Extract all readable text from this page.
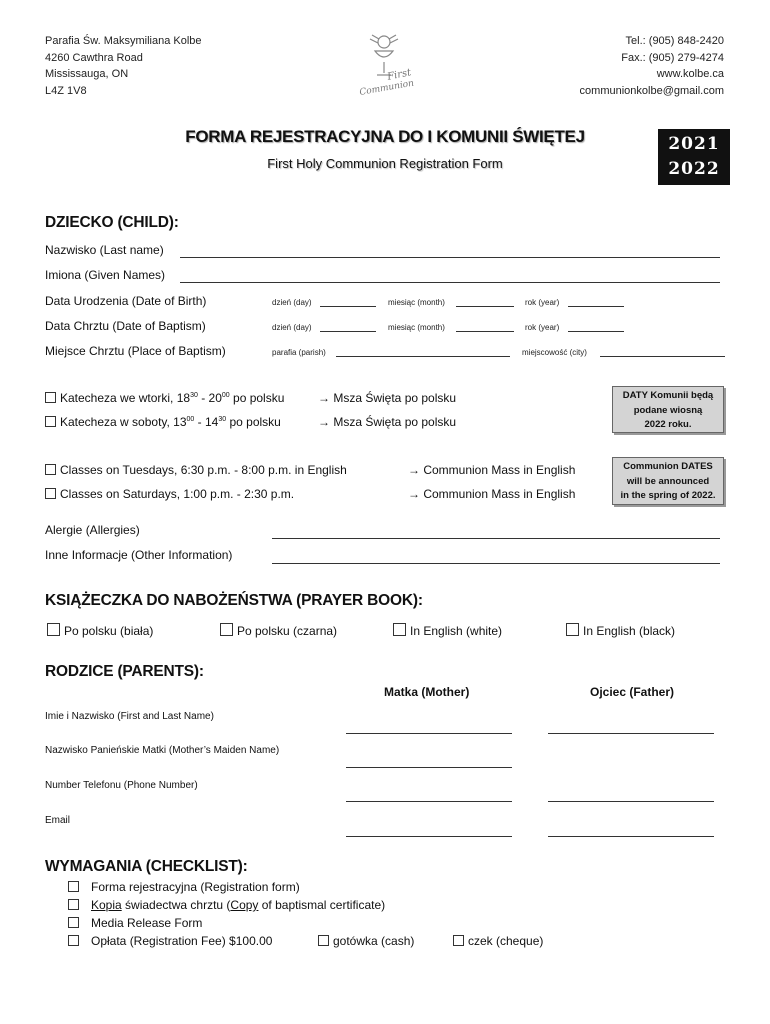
Parafia Św. Maksymiliana Kolbe
4260 Cawthra Road
Mississauga, ON
L4Z 1V8
First
Communion
Tel.: (905) 848-2420
Fax.: (905) 279-4274
www.kolbe.ca
communionkolbe@gmail.com
FORMA REJESTRACYJNA DO I KOMUNII ŚWIĘTEJ
First Holy Communion Registration Form
2021
2022
DZIECKO (CHILD):
Nazwisko (Last name)
Imiona (Given Names)
Data Urodzenia (Date of Birth)	dzień (day)	miesiąc (month)	rok (year)
Data Chrztu (Date of Baptism)	dzień (day)	miesiąc (month)	rok (year)
Miejsce Chrztu (Place of Baptism)	parafia (parish)	miejscowość (city)
Katecheza we wtorki, $18^{30} - 20^{00}$ po polsku	→ Msza Święta po polsku
Katecheza w soboty, $13^{00} - 14^{30}$ po polsku	→ Msza Święta po polsku
DATY Komunii będą
podane wiosną
2022 roku.
Classes on Tuesdays, 6:30 p.m. - 8:00 p.m. in English	→ Communion Mass in English
Classes on Saturdays, 1:00 p.m. - 2:30 p.m.	→ Communion Mass in English
Communion DATES
will be announced
in the spring of 2022.
Alergie (Allergies)
Inne Informacje (Other Information)
KSIĄŻECZKA DO NABOŻEŃSTWA (PRAYER BOOK):
Po polsku (biała)	Po polsku (czarna)	In English (white)	In English (black)
RODZICE (PARENTS):
Matka (Mother)	Ojciec (Father)
Imie i Nazwisko (First and Last Name)
Nazwisko Panieńskie Matki (Mother’s Maiden Name)
Number Telefonu (Phone Number)
Email
WYMAGANIA (CHECKLIST):
Forma rejestracyjna (Registration form)
Kopia świadectwa chrztu (Copy of baptismal certificate)
Media Release Form
Opłata (Registration Fee) $100.00	gotówka (cash)	czek (cheque)
